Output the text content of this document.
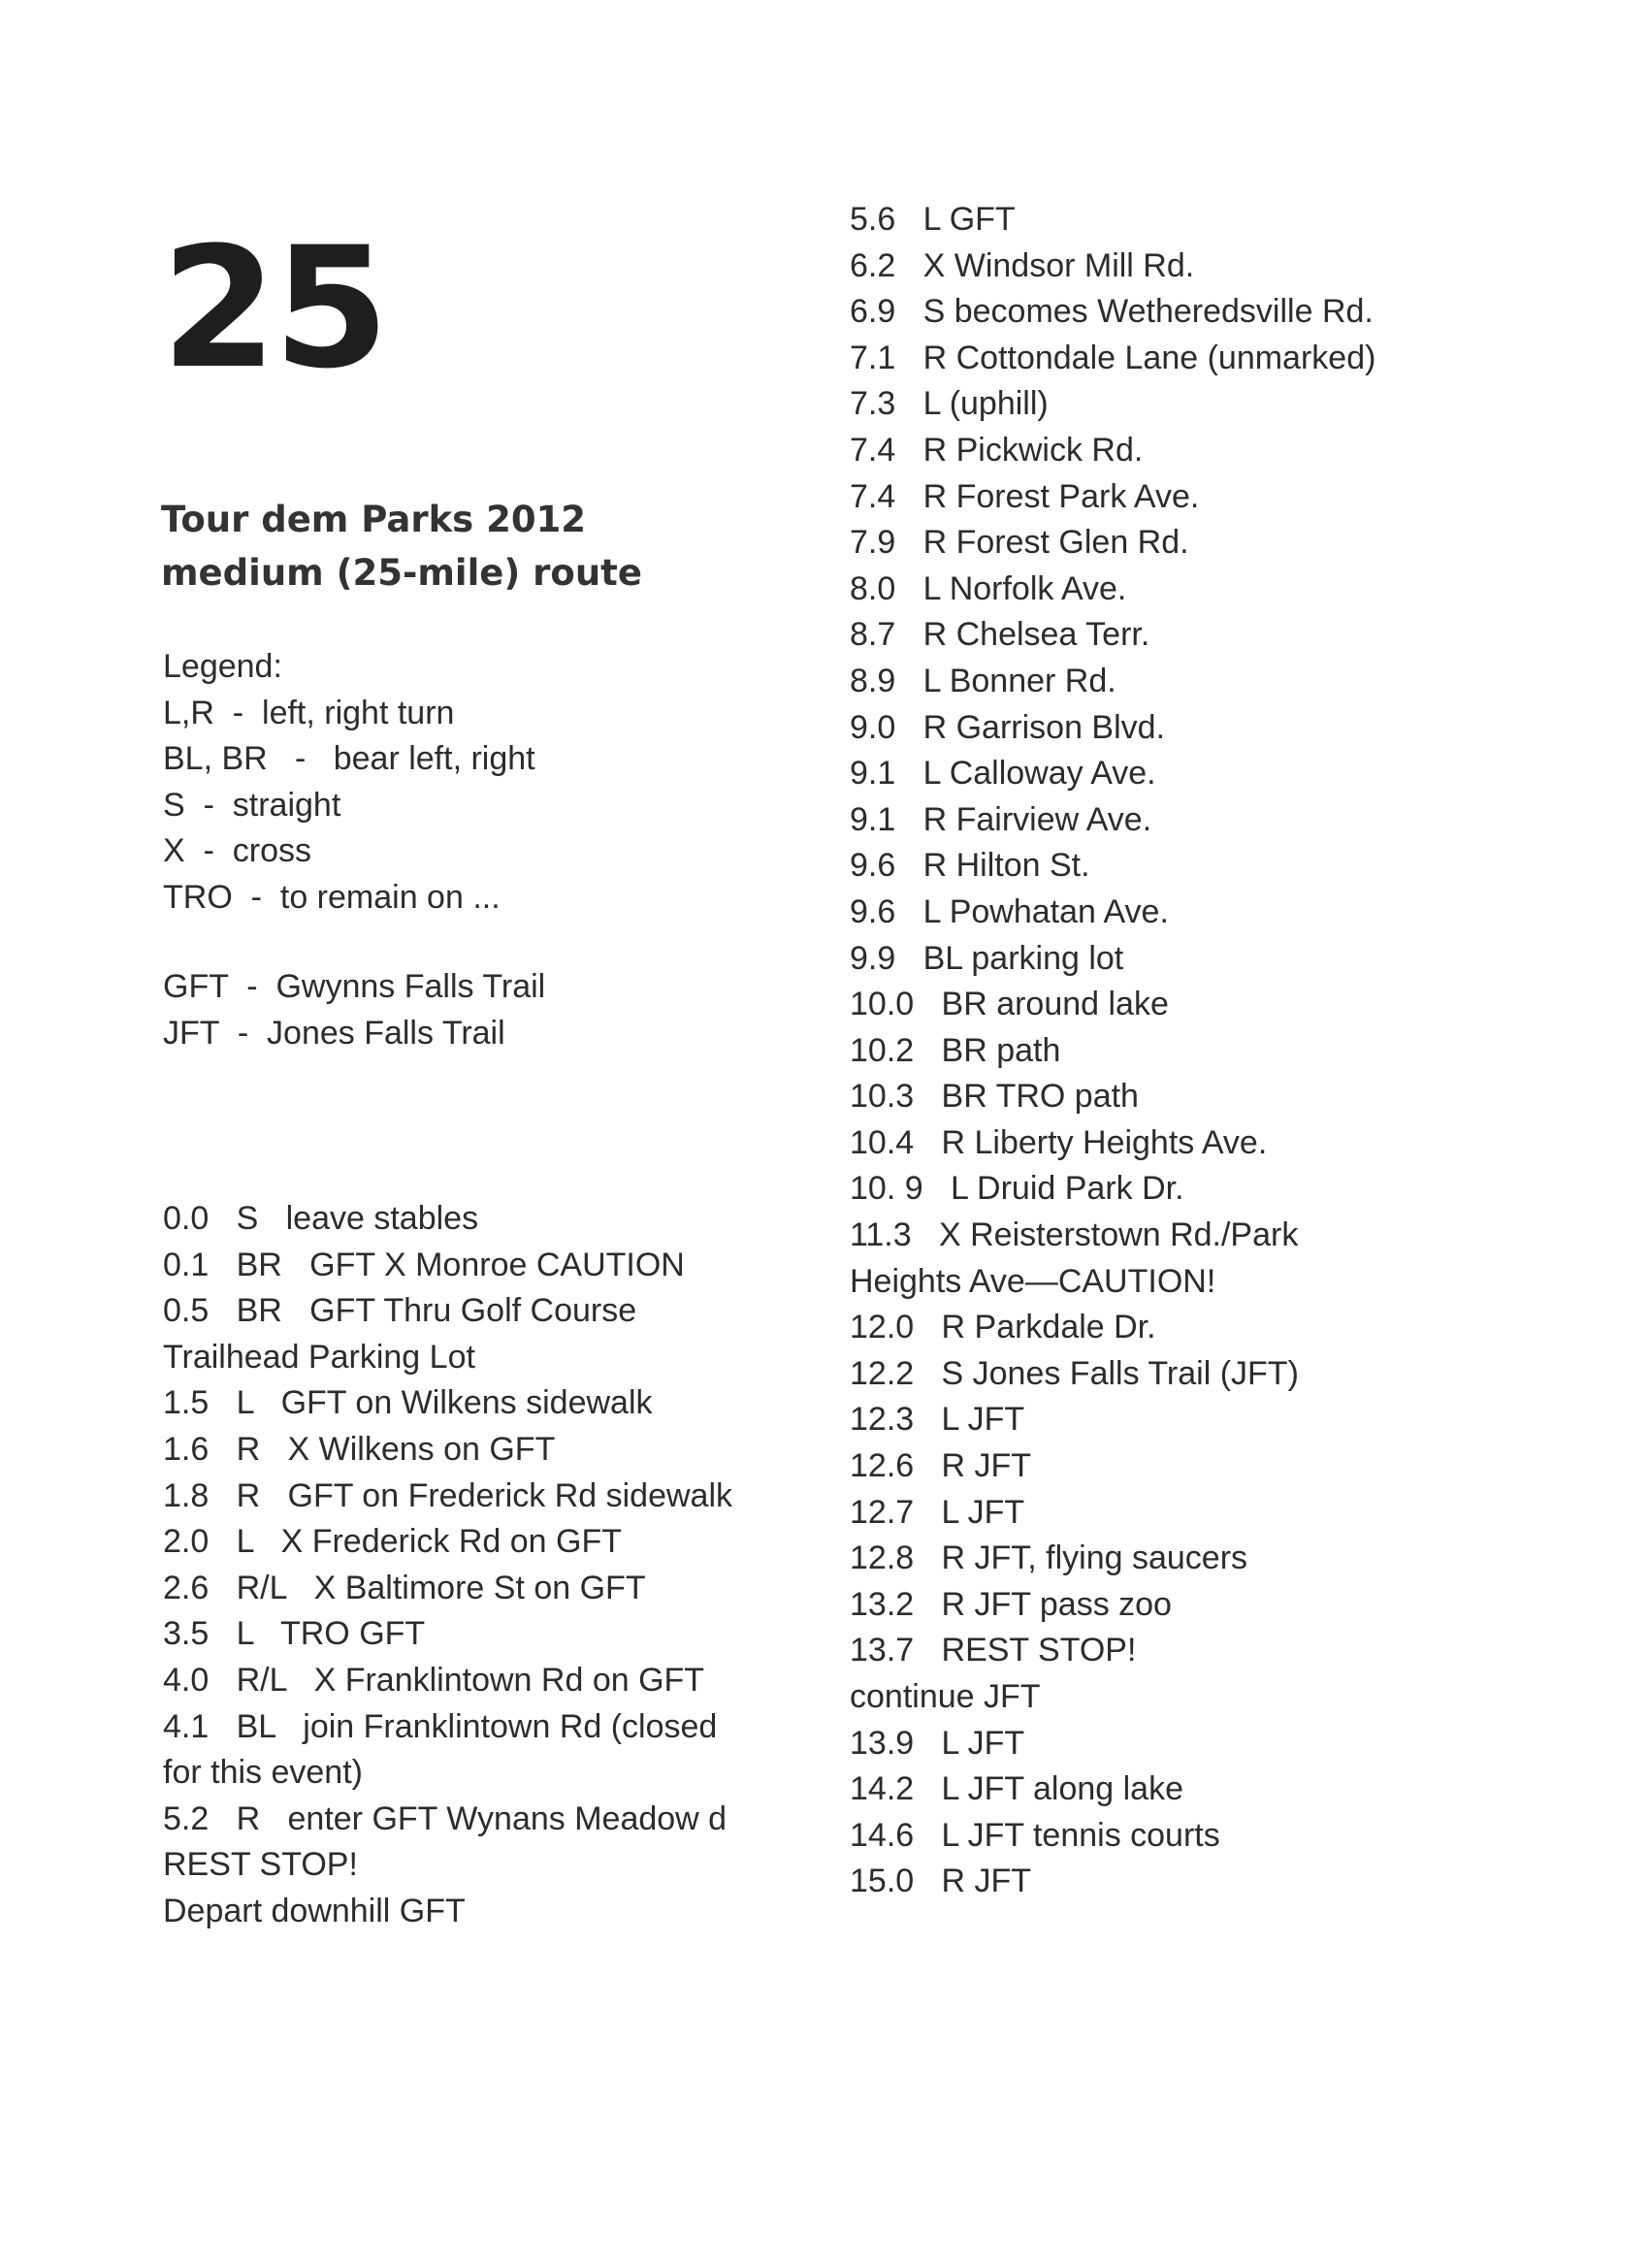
25
Tour dem Parks 2012
medium (25-mile) route
Legend:
L,R  -  left, right turn
BL, BR   -   bear left, right
S  -  straight
X  -  cross
TRO  -  to remain on ...
GFT  -  Gwynns Falls Trail
JFT  -  Jones Falls Trail
0.0   S   leave stables
0.1   BR   GFT X Monroe CAUTION
0.5   BR   GFT Thru Golf Course
Trailhead Parking Lot
1.5   L   GFT on Wilkens sidewalk
1.6   R   X Wilkens on GFT
1.8   R   GFT on Frederick Rd sidewalk
2.0   L   X Frederick Rd on GFT
2.6   R/L   X Baltimore St on GFT
3.5   L   TRO GFT
4.0   R/L   X Franklintown Rd on GFT
4.1   BL   join Franklintown Rd (closed
for this event)
5.2   R   enter GFT Wynans Meadow d
REST STOP!
Depart downhill GFT
5.6   L GFT
6.2   X Windsor Mill Rd.
6.9   S becomes Wetheredsville Rd.
7.1   R Cottondale Lane (unmarked)
7.3   L (uphill)
7.4   R Pickwick Rd.
7.4   R Forest Park Ave.
7.9   R Forest Glen Rd.
8.0   L Norfolk Ave.
8.7   R Chelsea Terr.
8.9   L Bonner Rd.
9.0   R Garrison Blvd.
9.1   L Calloway Ave.
9.1   R Fairview Ave.
9.6   R Hilton St.
9.6   L Powhatan Ave.
9.9   BL parking lot
10.0   BR around lake
10.2   BR path
10.3   BR TRO path
10.4   R Liberty Heights Ave.
10. 9   L Druid Park Dr.
11.3   X Reisterstown Rd./Park
Heights Ave—CAUTION!
12.0   R Parkdale Dr.
12.2   S Jones Falls Trail (JFT)
12.3   L JFT
12.6   R JFT
12.7   L JFT
12.8   R JFT, flying saucers
13.2   R JFT pass zoo
13.7   REST STOP!
continue JFT
13.9   L JFT
14.2   L JFT along lake
14.6   L JFT tennis courts
15.0   R JFT
